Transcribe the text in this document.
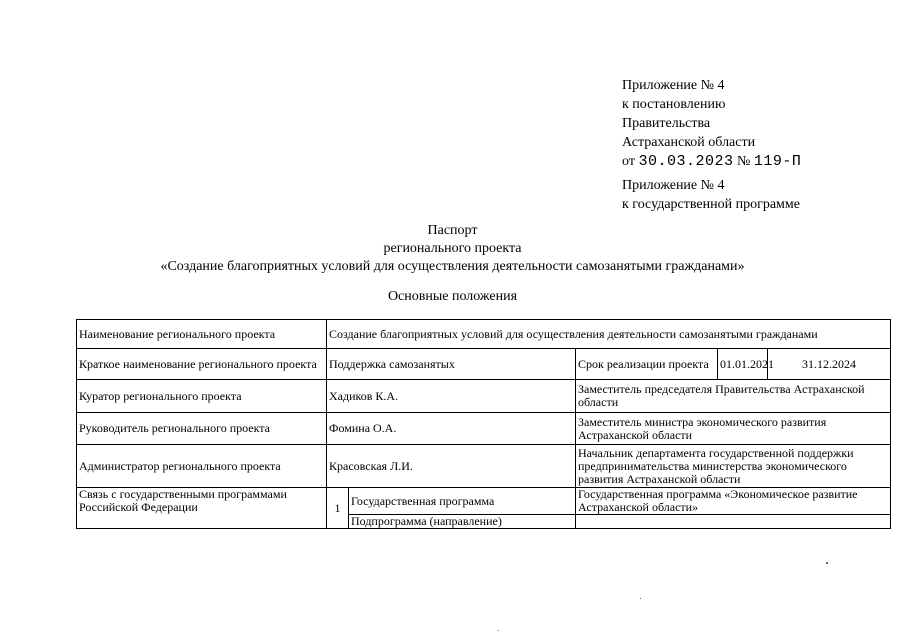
Приложение № 4
к постановлению
Правительства
Астраханской области
от 30.03.2023 № 119-П
Приложение № 4
к государственной программе
Паспорт
регионального проекта
«Создание благоприятных условий для осуществления деятельности самозанятыми гражданами»
Основные положения
Наименование регионального проекта	Создание благоприятных условий для осуществления деятельности самозанятыми гражданами				
Краткое наименование регионального проекта	Поддержка самозанятых		Срок реализации проекта	01.01.2021	31.12.2024
Куратор регионального проекта	Хадиков К.А.		Заместитель председателя Правительства Астраханской области		
Руководитель регионального проекта	Фомина О.А.		Заместитель министра экономического развития Астраханской области		
Администратор регионального проекта	Красовская Л.И.		Начальник департамента государственной поддержки предпринимательства министерства экономического развития Астраханской области		
Связь с государственными программами Российской Федерации	1	Государственная программа	Государственная программа «Экономическое развитие Астраханской области»		
		Подпрограмма (направление)			
